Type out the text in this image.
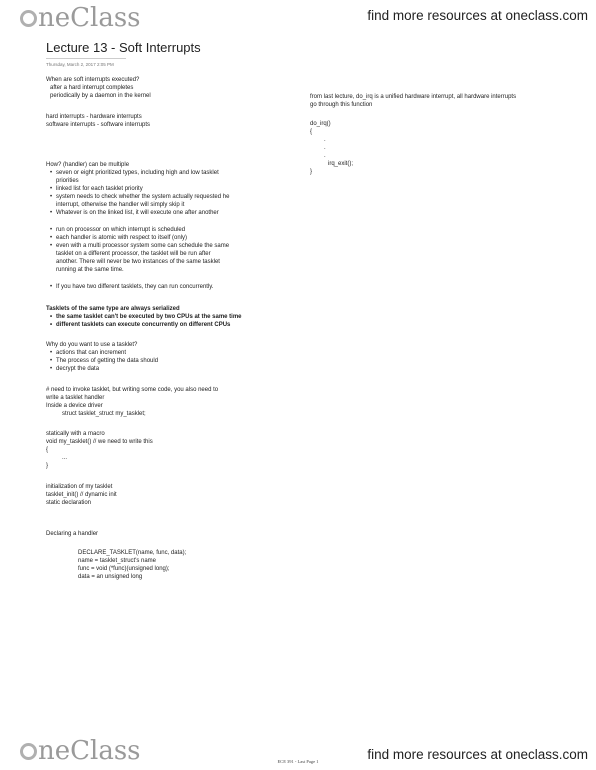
neClass	find more resources at oneclass.com
Lecture 13 - Soft Interrupts
Thursday, March 2, 2017 2:05 PM
When are soft interrupts executed?
after a hard interrupt completes
periodically by a daemon in the kernel
hard interrupts - hardware interrupts
software interrupts - software interrupts
How? (handler) can be multiple
• seven or eight prioritized types, including high and low tasklet
priorities
• linked list for each tasklet priority
• system needs to check whether the system actually requested he
interrupt, otherwise the handler will simply skip it
• Whatever is on the linked list, it will execute one after another
• run on processor on which interrupt is scheduled
• each handler is atomic with respect to itself (only)
• even with a multi processor system some can schedule the same
tasklet on a different processor, the tasklet will be run after
another. There will never be two instances of the same tasklet
running at the same time.
• If you have two different tasklets, they can run concurrently.
Tasklets of the same type are always serialized
• the same tasklet can't be executed by two CPUs at the same time
• different tasklets can execute concurrently on different CPUs
Why do you want to use a tasklet?
• actions that can increment
• The process of getting the data should
• decrypt the data
# need to invoke tasklet, but writing some code, you also need to
write a tasklet handler
Inside a device driver
struct tasklet_struct my_tasklet;
statically with a macro
void my_tasklet() // we need to write this
{
...
}
initialization of my tasklet
tasklet_init() // dynamic init
static declaration
Declaring a handler
DECLARE_TASKLET(name, func, data);
name = tasklet_struct's name
func = void (*func)(unsigned long);
data = an unsigned long
from last lecture, do_irq is a unified hardware interrupt, all hardware interrupts
go through this function
do_irq()
{
.
.
.
irq_exit();
}
neClass	find more resources at oneclass.com
ECE 391 - Last Page 1
